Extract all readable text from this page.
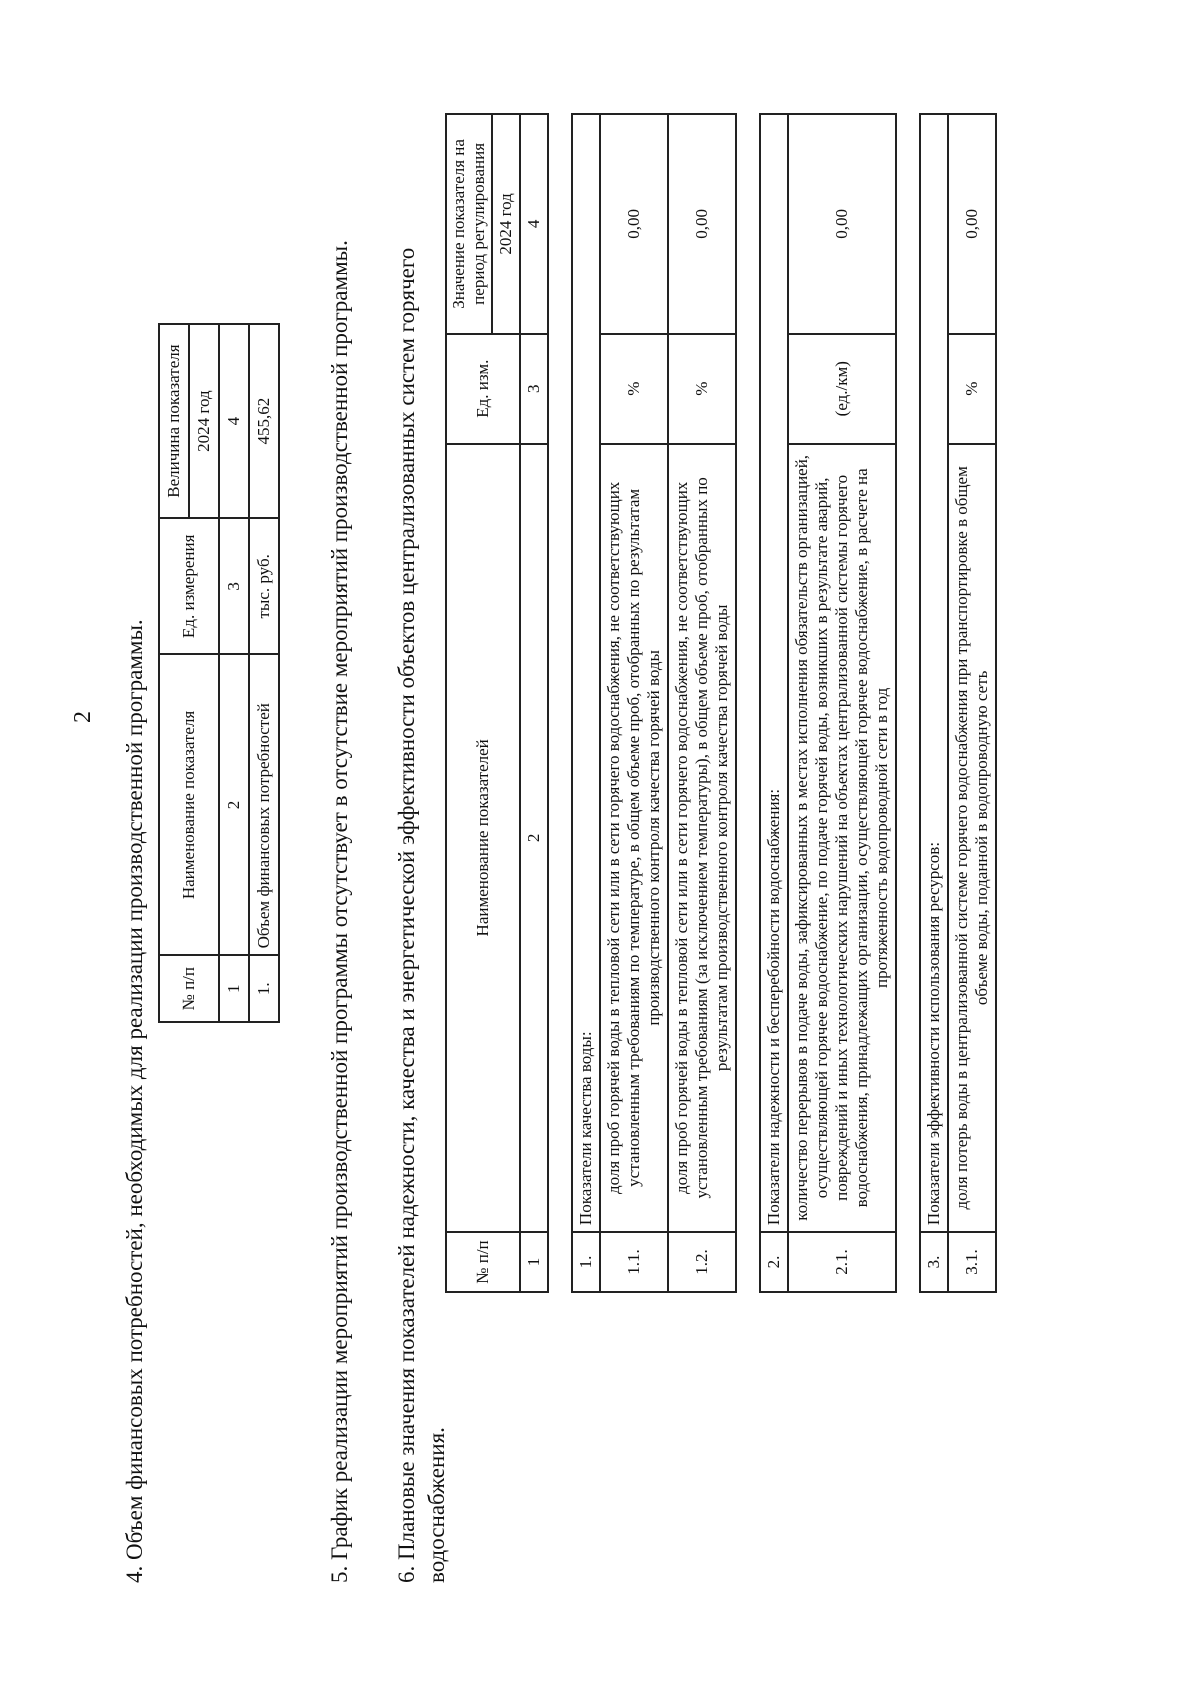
2 4. Объем финансовых потребностей, необходимых для реализации производственной программы. № п/п	Наименование показателя	Ед. измерения	Величина показателя
			2024 год
1	2	3	4
1.	Объем финансовых потребностей	тыс. руб.	455,62 5. График реализации мероприятий производственной программы отсутствует в отсутствие мероприятий производственной программы. 6. Плановые значения показателей надежности, качества и энергетической эффективности объектов централизованных систем горячего водоснабжения.
№ п/п	Наименование показателей	Ед. изм.	Значение показателя на период регулирования
			2024 год
1	2	3	4

1.	Показатели качества воды:		
1.1.	доля проб горячей воды в тепловой сети или в сети горячего водоснабжения, не соответствующих установленным требованиям по температуре, в общем объеме проб, отобранных по результатам производственного контроля качества горячей воды	%	0,00
1.2.	доля проб горячей воды в тепловой сети или в сети горячего водоснабжения, не соответствующих установленным требованиям (за исключением температуры), в общем объеме проб, отобранных по результатам производственного контроля качества горячей воды	%	0,00

2.	Показатели надежности и бесперебойности водоснабжения:		
2.1.	количество перерывов в подаче воды, зафиксированных в местах исполнения обязательств организацией, осуществляющей горячее водоснабжение, по подаче горячей воды, возникших в результате аварий, повреждений и иных технологических нарушений на объектах централизованной системы горячего водоснабжения, принадлежащих организации, осуществляющей горячее водоснабжение, в расчете на протяженность водопроводной сети в год	(ед./км)	0,00

3.	Показатели эффективности использования ресурсов:		
3.1.	доля потерь воды в централизованной системе горячего водоснабжения при транспортировке в общем объеме воды, поданной в водопроводную сеть	%	0,00
